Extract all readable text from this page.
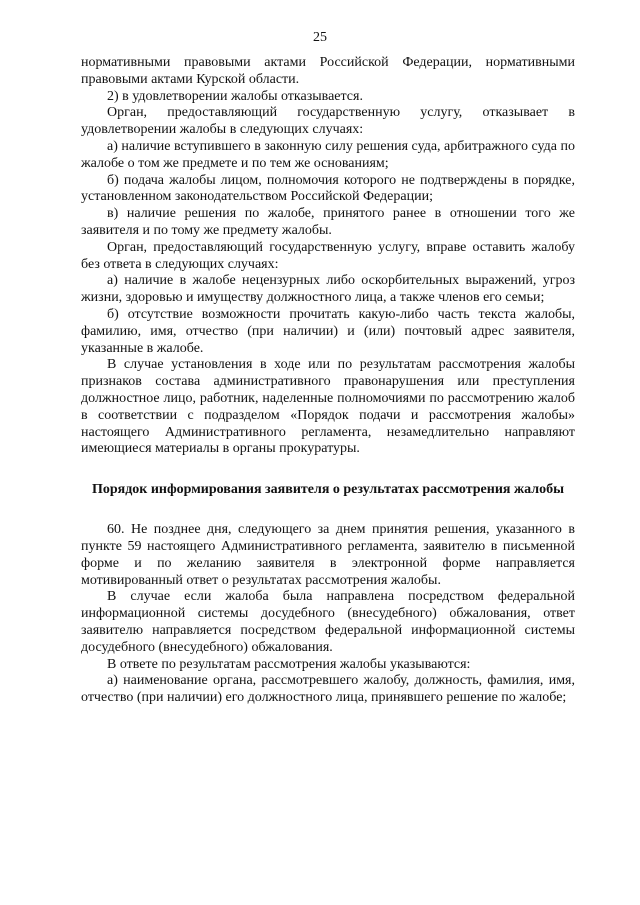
25

нормативными правовыми актами Российской Федерации, нормативными правовыми актами Курской области.

2) в удовлетворении жалобы отказывается.

Орган, предоставляющий государственную услугу, отказывает в удовлетворении жалобы в следующих случаях:

а) наличие вступившего в законную силу решения суда, арбитражного суда по жалобе о том же предмете и по тем же основаниям;

б) подача жалобы лицом, полномочия которого не подтверждены в порядке, установленном законодательством Российской Федерации;

в) наличие решения по жалобе, принятого ранее в отношении того же заявителя и по тому же предмету жалобы.

Орган, предоставляющий государственную услугу, вправе оставить жалобу без ответа в следующих случаях:

а) наличие в жалобе нецензурных либо оскорбительных выражений, угроз жизни, здоровью и имуществу должностного лица, а также членов его семьи;

б) отсутствие возможности прочитать какую-либо часть текста жалобы, фамилию, имя, отчество (при наличии) и (или) почтовый адрес заявителя, указанные в жалобе.

В случае установления в ходе или по результатам рассмотрения жалобы признаков состава административного правонарушения или преступления должностное лицо, работник, наделенные полномочиями по рассмотрению жалоб в соответствии с подразделом «Порядок подачи и рассмотрения жалобы» настоящего Административного регламента, незамедлительно направляют имеющиеся материалы в органы прокуратуры.

Порядок информирования заявителя о результатах рассмотрения жалобы

60. Не позднее дня, следующего за днем принятия решения, указанного в пункте 59 настоящего Административного регламента, заявителю в письменной форме и по желанию заявителя в электронной форме направляется мотивированный ответ о результатах рассмотрения жалобы.

В случае если жалоба была направлена посредством федеральной информационной системы досудебного (внесудебного) обжалования, ответ заявителю направляется посредством федеральной информационной системы досудебного (внесудебного) обжалования.

В ответе по результатам рассмотрения жалобы указываются:

а) наименование органа, рассмотревшего жалобу, должность, фамилия, имя, отчество (при наличии) его должностного лица, принявшего решение по жалобе;
